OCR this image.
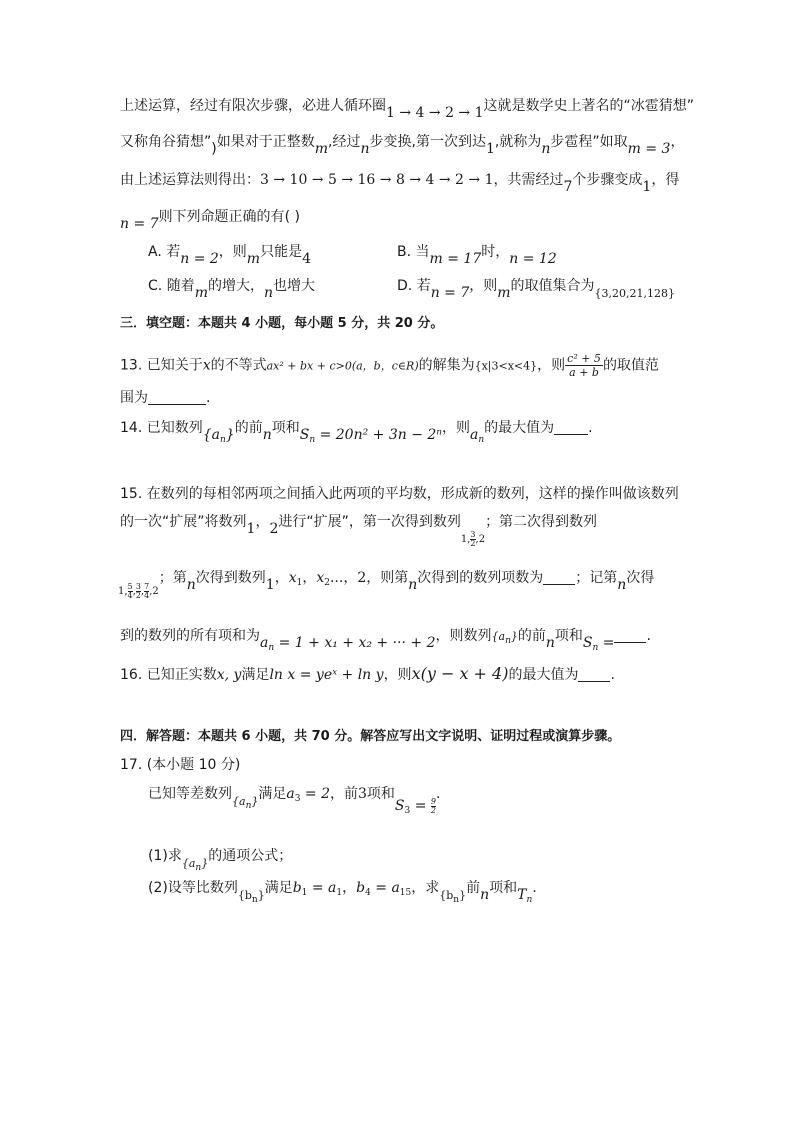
上述运算，经过有限次步骤，必进人循环圈1 → 4 → 2 → 1这就是数学史上著名的“冰雹猜想”
又称角谷猜想”)如果对于正整数m,经过n步变换,第一次到达1,就称为n步雹程”如取m = 3，
由上述运算法则得出：3 → 10 → 5 → 16 → 8 → 4 → 2 → 1，共需经过7个步骤变成1，得
n = 7则下列命题正确的有( )
A. 若n = 2，则m只能是4	B. 当m = 17时，n = 12
C. 随着m的增大，n也增大	D. 若n = 7，则m的取值集合为{3,20,21,128}
三．填空题：本题共 4 小题，每小题 5 分，共 20 分。
13. 已知关于x的不等式ax² + bx + c>0(a，b，c∈R)的解集为{x|3<x<4}，则 $\frac{\text{c² + 5}}{a + b}$ 的取值范
围为	.
14. 已知数列$\{a_n\}$的前n项和$S_n = 20n^2 + 3n - 2^n$，则$a_n$的最大值为 .
15. 在数列的每相邻两项之间插入此两项的平均数，形成新的数列，这样的操作叫做该数列
的一次“扩展”将数列1，2进行“扩展”，第一次得到数列1, $\frac{3}{2} ,2$；第二次得到数列
1, $\frac{5}{4}$ , $\frac{3}{2}$ , $\frac{7}{4} ,2$；第n次得到数列1，$x_1$，$x_2$...，2，则第n次得到的数列项数为 ；记第n次得
到的数列的所有项和为$a_n = 1 + x_1 + x_2$ + ··· + 2，则数列$\{a_n\}$的前n项和$S_n$ = .
16. 已知正实数x, y满足ln x = yeˣ + ln y，则x(y − x + 4)的最大值为 .
四．解答题：本题共 6 小题，共 70 分。解答应写出文字说明、证明过程或演算步骤。
17. (本小题 10 分)
已知等差数列$\{a_n\}$满足$a_3 = 2$，前3项和$S_3 = \frac{9}{2}$
.
(1)求$\{a_n\}$的通项公式；
(2)设等比数列$\{b_n\}$满足$b_1 = a_1$，$b_4 = a_{15}$，求$\{b_n\}$前n项和$T_n$.
